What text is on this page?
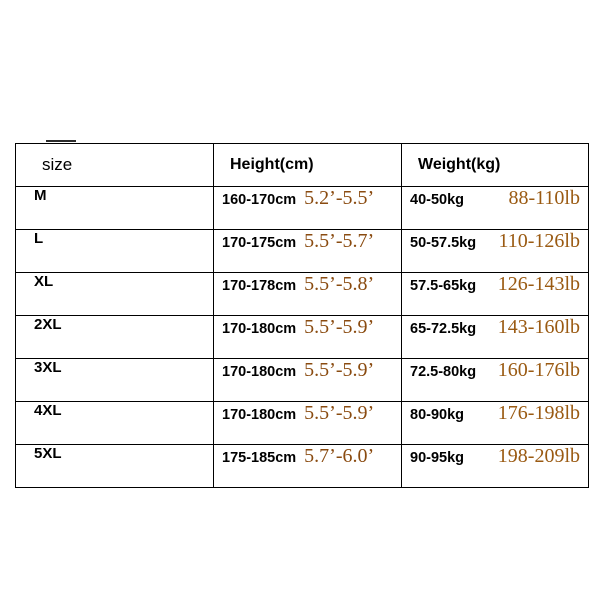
size	Height(cm)	Weight(kg)

M	160-170cm 5.2’-5.5’	40-50kg 88-110lb

L	170-175cm 5.5’-5.7’	50-57.5kg 110-126lb

XL	170-178cm 5.5’-5.8’	57.5-65kg 126-143lb

2XL	170-180cm 5.5’-5.9’	65-72.5kg 143-160lb

3XL	170-180cm 5.5’-5.9’	72.5-80kg 160-176lb

4XL	170-180cm 5.5’-5.9’	80-90kg 176-198lb

5XL	175-185cm 5.7’-6.0’	90-95kg 198-209lb
